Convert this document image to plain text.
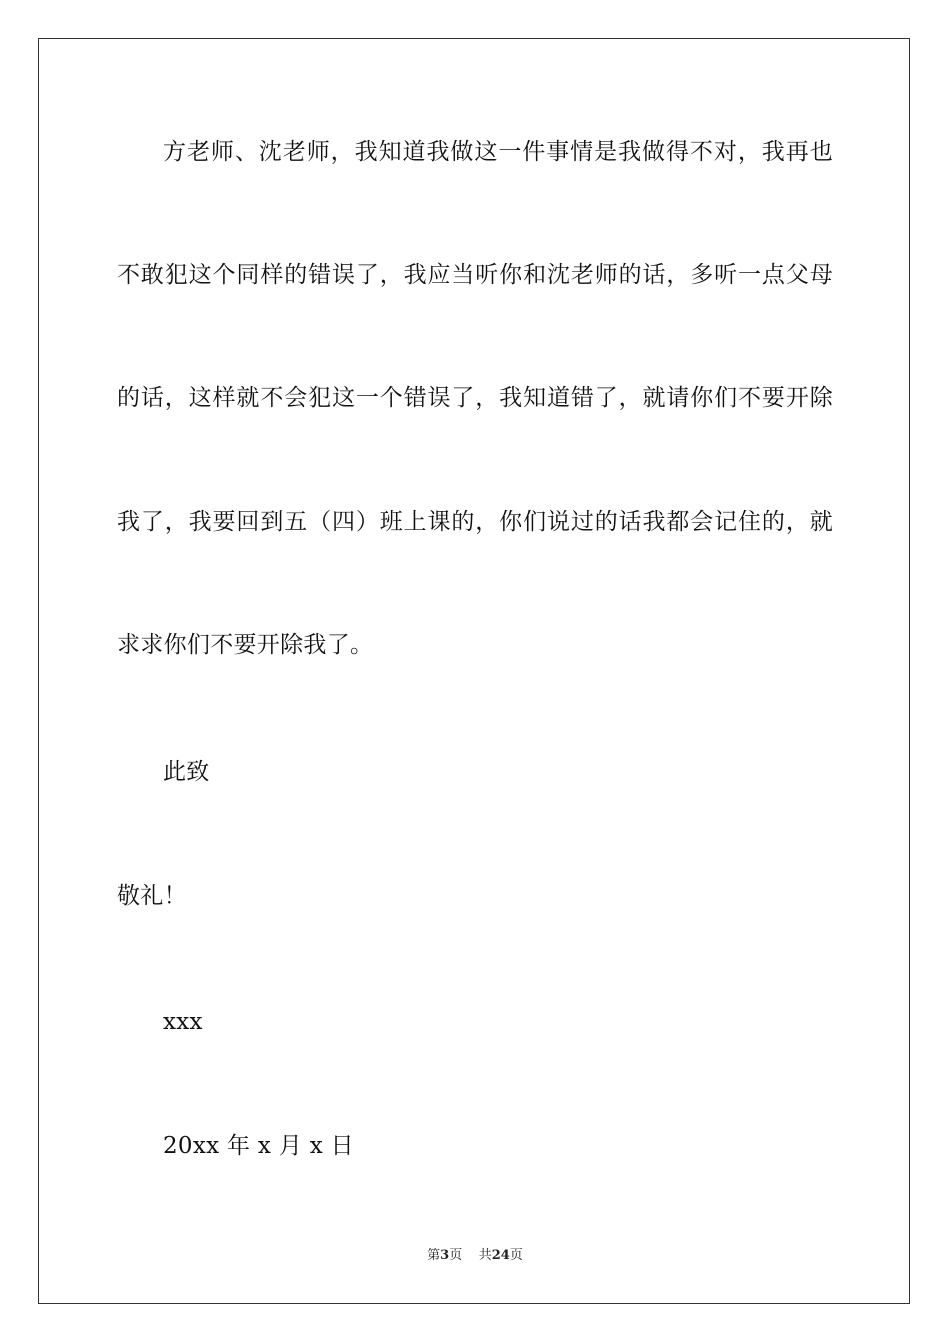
方老师、沈老师，我知道我做这一件事情是我做得不对，我再也
不敢犯这个同样的错误了，我应当听你和沈老师的话，多听一点父母
的话，这样就不会犯这一个错误了，我知道错了，就请你们不要开除
我了，我要回到五（四）班上课的，你们说过的话我都会记住的，就
求求你们不要开除我了。
此致
敬礼！
xxx
20xx 年 x 月 x 日
第3页 共24页
